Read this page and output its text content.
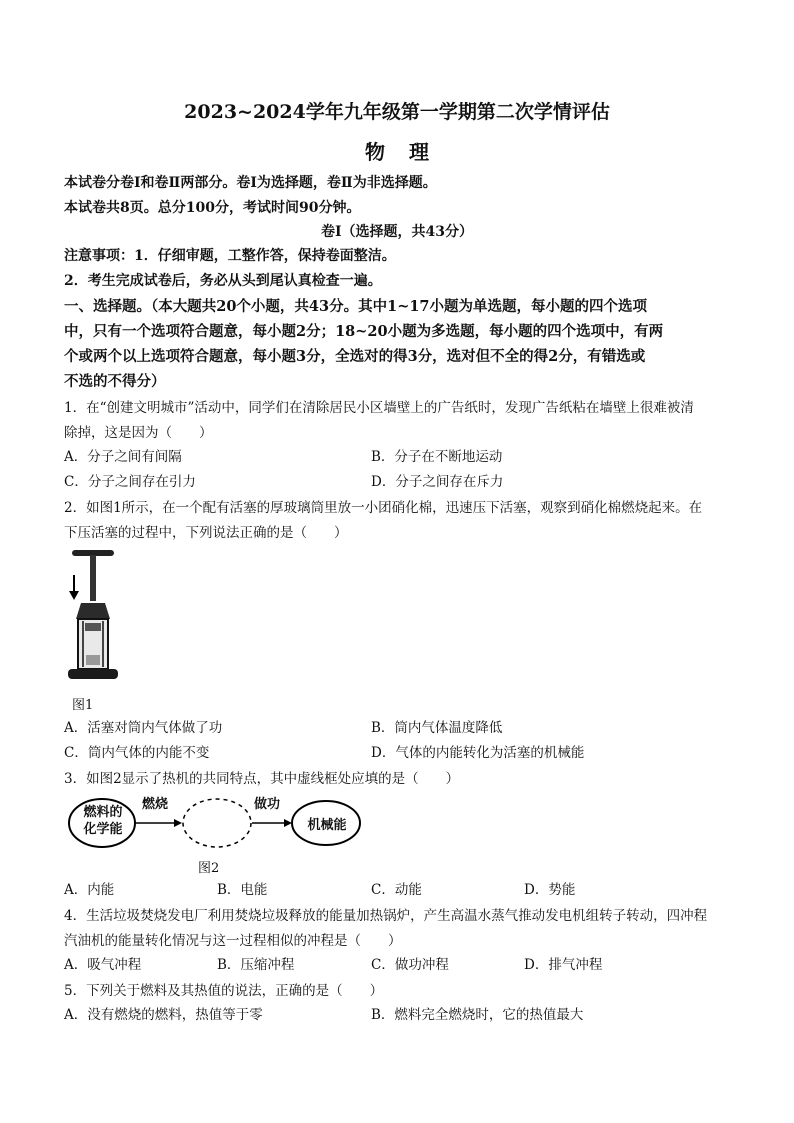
2023~2024学年九年级第一学期第二次学情评估
物 理
本试卷分卷Ⅰ和卷Ⅱ两部分。卷Ⅰ为选择题，卷Ⅱ为非选择题。
本试卷共8页。总分100分，考试时间90分钟。
卷Ⅰ（选择题，共43分）
注意事项：1．仔细审题，工整作答，保持卷面整洁。
2．考生完成试卷后，务必从头到尾认真检查一遍。
一、选择题。（本大题共20个小题，共43分。其中1~17小题为单选题，每小题的四个选项
中，只有一个选项符合题意，每小题2分；18~20小题为多选题，每小题的四个选项中，有两
个或两个以上选项符合题意，每小题3分，全选对的得3分，选对但不全的得2分，有错选或
不选的不得分）
1．在“创建文明城市”活动中，同学们在清除居民小区墙壁上的广告纸时，发现广告纸粘在墙壁上很难被清
除掉，这是因为（　　）
A．分子之间有间隔	B．分子在不断地运动
C．分子之间存在引力	D．分子之间存在斥力
2．如图1所示，在一个配有活塞的厚玻璃筒里放一小团硝化棉，迅速压下活塞，观察到硝化棉燃烧起来。在
下压活塞的过程中，下列说法正确的是（　　）
图1
A．活塞对筒内气体做了功	B．筒内气体温度降低
C．筒内气体的内能不变	D．气体的内能转化为活塞的机械能
3．如图2显示了热机的共同特点，其中虚线框处应填的是（　　）
燃料的
化学能
燃烧	做功
机械能
图2
A．内能	B．电能	C．动能	D．势能
4．生活垃圾焚烧发电厂利用焚烧垃圾释放的能量加热锅炉，产生高温水蒸气推动发电机组转子转动，四冲程
汽油机的能量转化情况与这一过程相似的冲程是（　　）
A．吸气冲程	B．压缩冲程	C．做功冲程	D．排气冲程
5．下列关于燃料及其热值的说法，正确的是（　　）
A．没有燃烧的燃料，热值等于零	B．燃料完全燃烧时，它的热值最大
